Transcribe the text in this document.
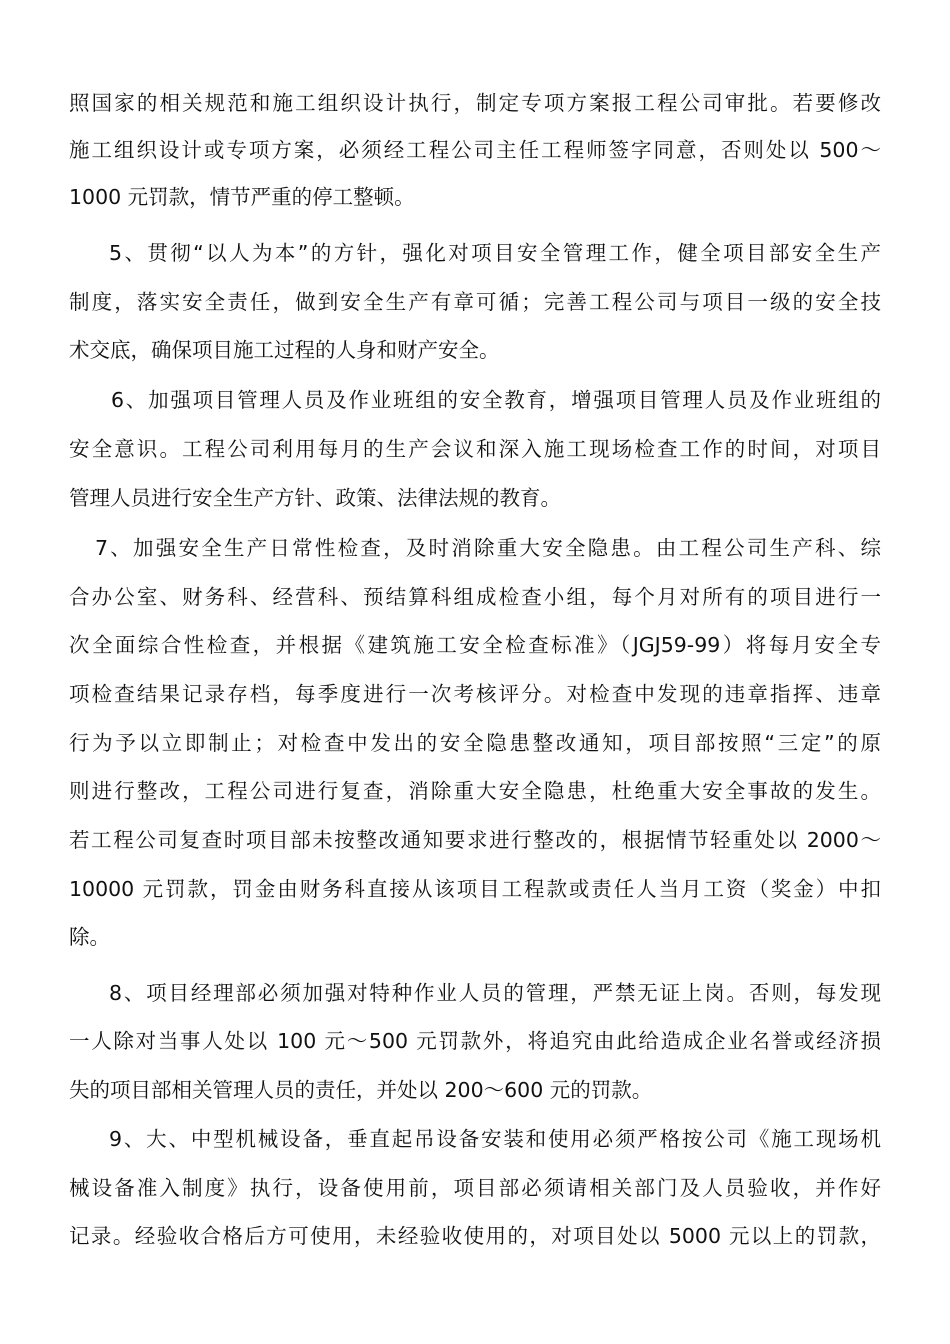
照国家的相关规范和施工组织设计执行，制定专项方案报工程公司审批。若要修改

施工组织设计或专项方案，必须经工程公司主任工程师签字同意，否则处以 500～

1000 元罚款，情节严重的停工整顿。

5、贯彻“以人为本”的方针，强化对项目安全管理工作，健全项目部安全生产

制度，落实安全责任，做到安全生产有章可循；完善工程公司与项目一级的安全技

术交底，确保项目施工过程的人身和财产安全。

6、加强项目管理人员及作业班组的安全教育，增强项目管理人员及作业班组的

安全意识。工程公司利用每月的生产会议和深入施工现场检查工作的时间，对项目

管理人员进行安全生产方针、政策、法律法规的教育。

7、加强安全生产日常性检查，及时消除重大安全隐患。由工程公司生产科、综

合办公室、财务科、经营科、预结算科组成检查小组，每个月对所有的项目进行一

次全面综合性检查，并根据《建筑施工安全检查标准》（JGJ59-99）将每月安全专

项检查结果记录存档，每季度进行一次考核评分。对检查中发现的违章指挥、违章

行为予以立即制止；对检查中发出的安全隐患整改通知，项目部按照“三定”的原

则进行整改，工程公司进行复查，消除重大安全隐患，杜绝重大安全事故的发生。

若工程公司复查时项目部未按整改通知要求进行整改的，根据情节轻重处以 2000～

10000 元罚款，罚金由财务科直接从该项目工程款或责任人当月工资（奖金）中扣

除。

8、项目经理部必须加强对特种作业人员的管理，严禁无证上岗。否则，每发现

一人除对当事人处以 100 元～500 元罚款外，将追究由此给造成企业名誉或经济损

失的项目部相关管理人员的责任，并处以 200～600 元的罚款。

9、大、中型机械设备，垂直起吊设备安装和使用必须严格按公司《施工现场机

械设备准入制度》执行，设备使用前，项目部必须请相关部门及人员验收，并作好

记录。经验收合格后方可使用，未经验收使用的，对项目处以 5000 元以上的罚款，
